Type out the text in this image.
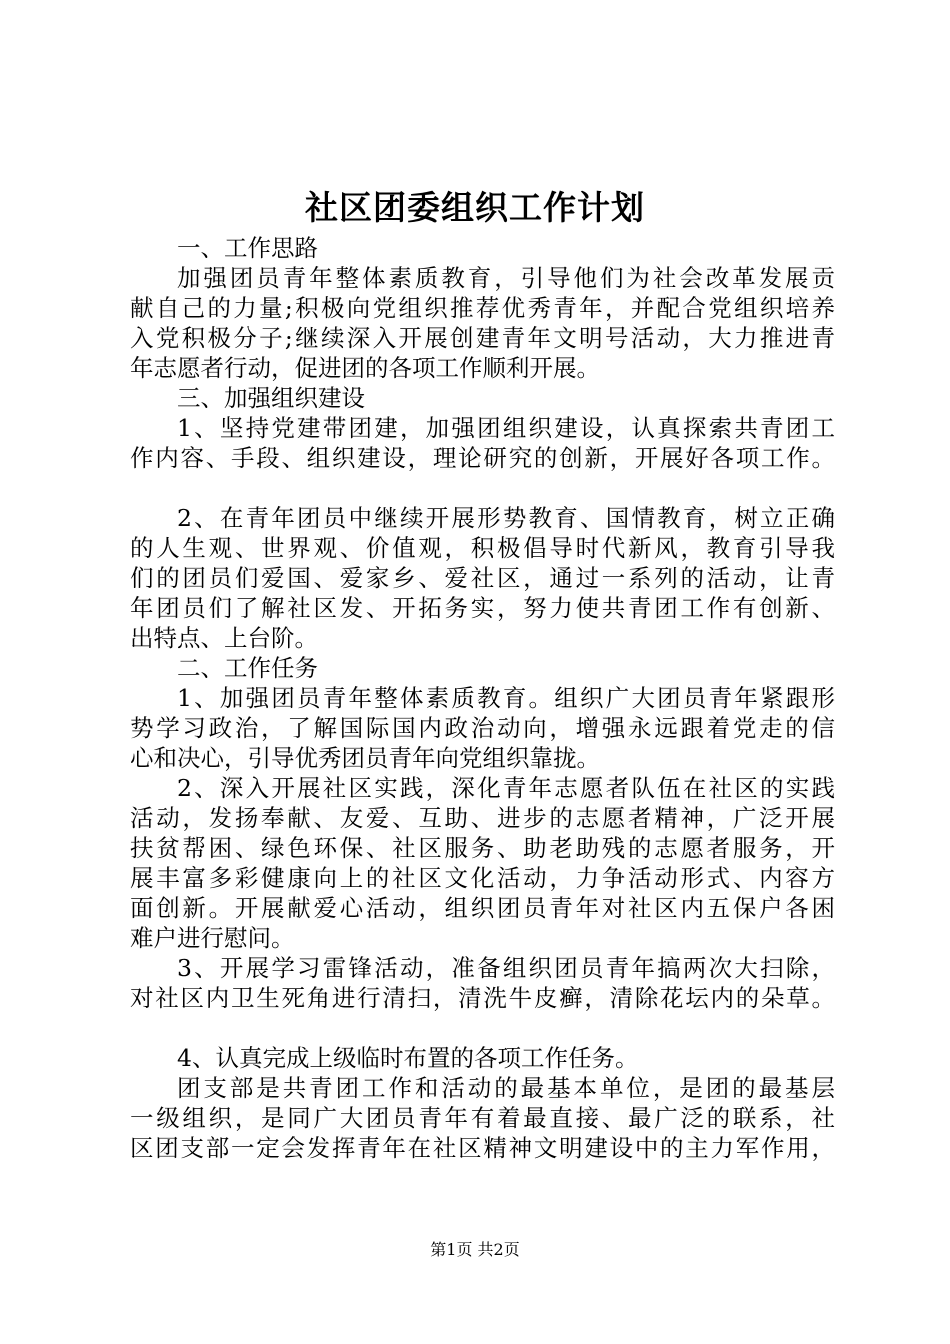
社区团委组织工作计划
一、工作思路
加强团员青年整体素质教育，引导他们为社会改革发展贡
献自己的力量;积极向党组织推荐优秀青年，并配合党组织培养
入党积极分子;继续深入开展创建青年文明号活动，大力推进青
年志愿者行动，促进团的各项工作顺利开展。
三、加强组织建设
1、坚持党建带团建，加强团组织建设，认真探索共青团工
作内容、手段、组织建设，理论研究的创新，开展好各项工作。
2、在青年团员中继续开展形势教育、国情教育，树立正确
的人生观、世界观、价值观，积极倡导时代新风，教育引导我
们的团员们爱国、爱家乡、爱社区，通过一系列的活动，让青
年团员们了解社区发、开拓务实，努力使共青团工作有创新、
出特点、上台阶。
二、工作任务
1、加强团员青年整体素质教育。组织广大团员青年紧跟形
势学习政治，了解国际国内政治动向，增强永远跟着党走的信
心和决心，引导优秀团员青年向党组织靠拢。
2、深入开展社区实践，深化青年志愿者队伍在社区的实践
活动，发扬奉献、友爱、互助、进步的志愿者精神，广泛开展
扶贫帮困、绿色环保、社区服务、助老助残的志愿者服务，开
展丰富多彩健康向上的社区文化活动，力争活动形式、内容方
面创新。开展献爱心活动，组织团员青年对社区内五保户各困
难户进行慰问。
3、开展学习雷锋活动，准备组织团员青年搞两次大扫除，
对社区内卫生死角进行清扫，清洗牛皮癣，清除花坛内的朵草。
4、认真完成上级临时布置的各项工作任务。
团支部是共青团工作和活动的最基本单位，是团的最基层
一级组织，是同广大团员青年有着最直接、最广泛的联系，社
区团支部一定会发挥青年在社区精神文明建设中的主力军作用，
第1页 共2页
